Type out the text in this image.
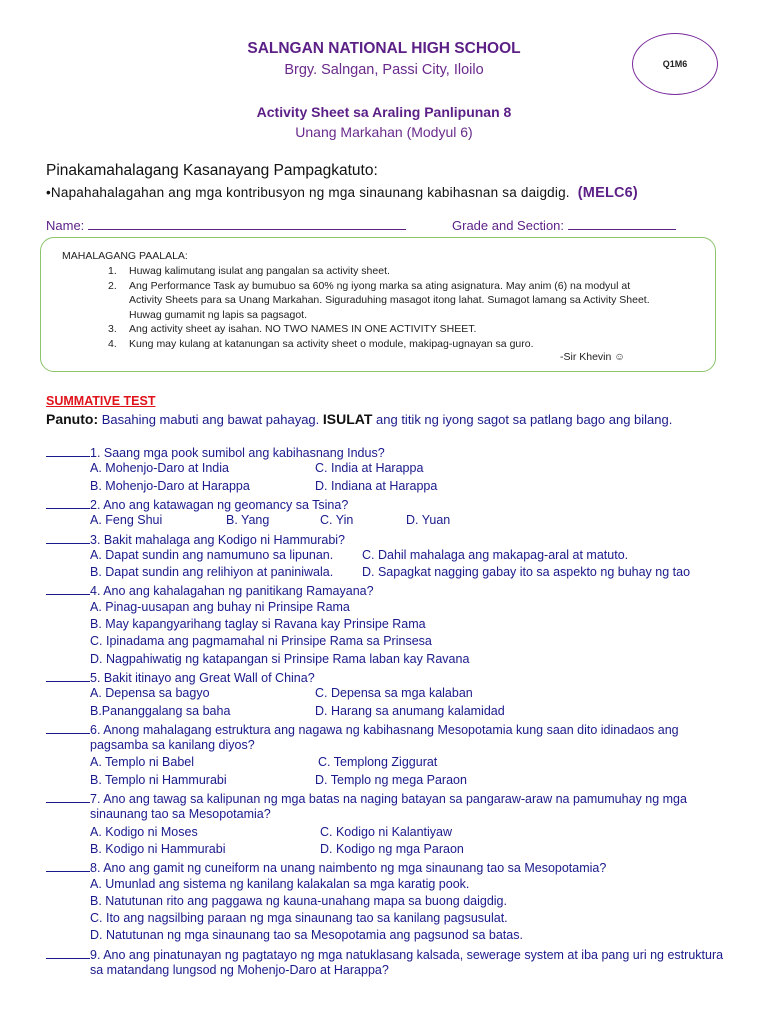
SALNGAN NATIONAL HIGH SCHOOL
Brgy. Salngan, Passi City, Iloilo
Activity Sheet sa Araling Panlipunan 8
Unang Markahan (Modyul 6)
Q1M6
Pinakamahalagang Kasanayang Pampagkatuto:
•Napahahalagahan ang mga kontribusyon ng mga sinaunang kabihasnan sa daigdig. (MELC6)
Name:	Grade and Section:
MAHALAGANG PAALALA:
1. Huwag kalimutang isulat ang pangalan sa activity sheet.
2. Ang Performance Task ay bumubuo sa 60% ng iyong marka sa ating asignatura. May anim (6) na modyul at
Activity Sheets para sa Unang Markahan. Siguraduhing masagot itong lahat. Sumagot lamang sa Activity Sheet.
Huwag gumamit ng lapis sa pagsagot.
3. Ang activity sheet ay isahan. NO TWO NAMES IN ONE ACTIVITY SHEET.
4. Kung may kulang at katanungan sa activity sheet o module, makipag-ugnayan sa guro.
-Sir Khevin ☺
SUMMATIVE TEST
Panuto: Basahing mabuti ang bawat pahayag. ISULAT ang titik ng iyong sagot sa patlang bago ang bilang.
1. Saang mga pook sumibol ang kabihasnang Indus?
A. Mohenjo-Daro at India	C. India at Harappa
B. Mohenjo-Daro at Harappa	D. Indiana at Harappa
2. Ano ang katawagan ng geomancy sa Tsina?
A. Feng Shui	B. Yang	C. Yin	D. Yuan
3. Bakit mahalaga ang Kodigo ni Hammurabi?
A. Dapat sundin ang namumuno sa lipunan. C. Dahil mahalaga ang makapag-aral at matuto.
B. Dapat sundin ang relihiyon at paniniwala. D. Sapagkat nagging gabay ito sa aspekto ng buhay ng tao
4. Ano ang kahalagahan ng panitikang Ramayana?
A. Pinag-uusapan ang buhay ni Prinsipe Rama
B. May kapangyarihang taglay si Ravana kay Prinsipe Rama
C. Ipinadama ang pagmamahal ni Prinsipe Rama sa Prinsesa
D. Nagpahiwatig ng katapangan si Prinsipe Rama laban kay Ravana
5. Bakit itinayo ang Great Wall of China?
A. Depensa sa bagyo	C. Depensa sa mga kalaban
B.Pananggalang sa baha	D. Harang sa anumang kalamidad
6. Anong mahalagang estruktura ang nagawa ng kabihasnang Mesopotamia kung saan dito idinadaos ang
pagsamba sa kanilang diyos?
A. Templo ni Babel	C. Templong Ziggurat
B. Templo ni Hammurabi	D. Templo ng mega Paraon
7. Ano ang tawag sa kalipunan ng mga batas na naging batayan sa pangaraw-araw na pamumuhay ng mga
sinaunang tao sa Mesopotamia?
A. Kodigo ni Moses	C. Kodigo ni Kalantiyaw
B. Kodigo ni Hammurabi	D. Kodigo ng mga Paraon
8. Ano ang gamit ng cuneiform na unang naimbento ng mga sinaunang tao sa Mesopotamia?
A. Umunlad ang sistema ng kanilang kalakalan sa mga karatig pook.
B. Natutunan rito ang paggawa ng kauna-unahang mapa sa buong daigdig.
C. Ito ang nagsilbing paraan ng mga sinaunang tao sa kanilang pagsusulat.
D. Natutunan ng mga sinaunang tao sa Mesopotamia ang pagsunod sa batas.
9. Ano ang pinatunayan ng pagtatayo ng mga natuklasang kalsada, sewerage system at iba pang uri ng estruktura
sa matandang lungsod ng Mohenjo-Daro at Harappa?
